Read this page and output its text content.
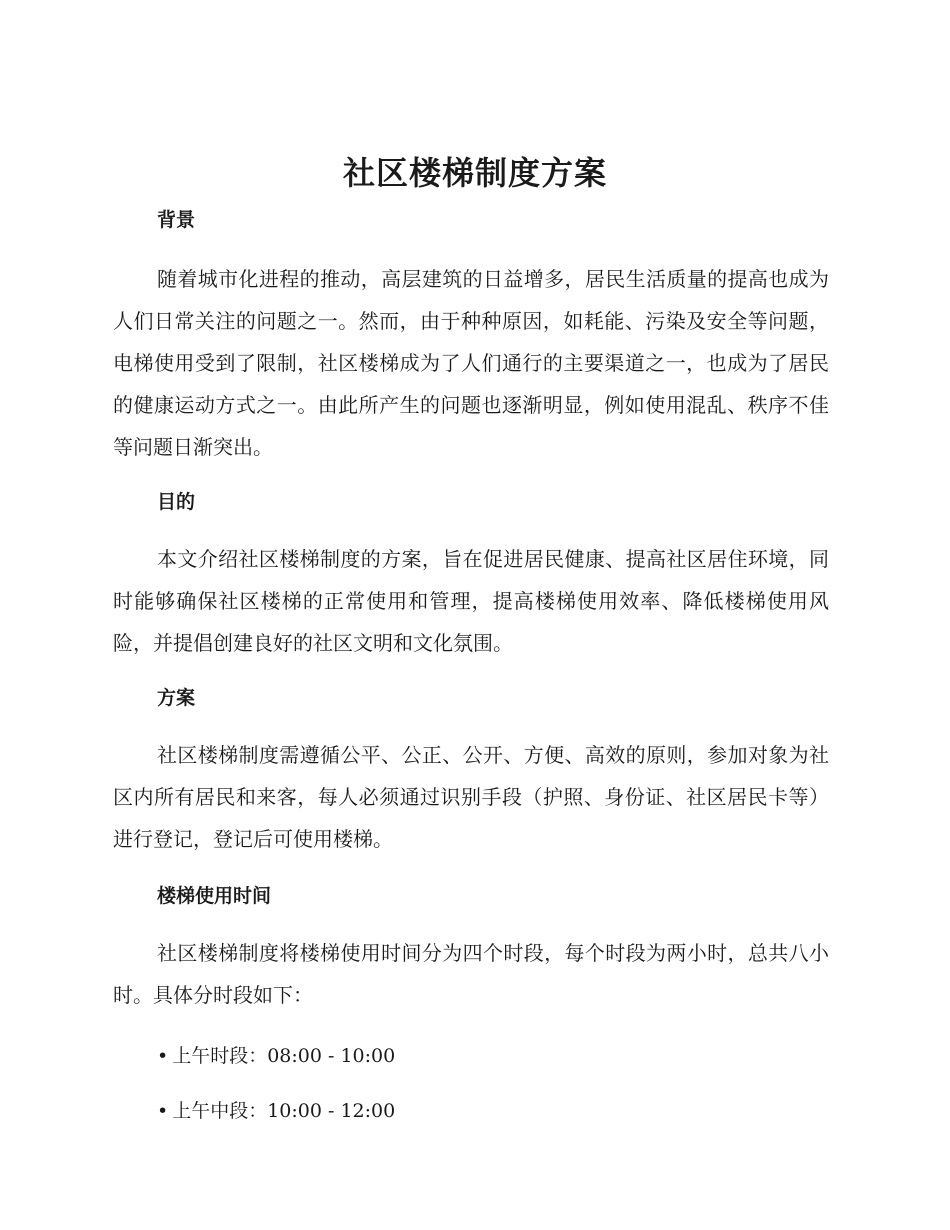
社区楼梯制度方案
背景

随着城市化进程的推动，高层建筑的日益增多，居民生活质量的提高也成为人们日常关注的问题之一。然而，由于种种原因，如耗能、污染及安全等问题，电梯使用受到了限制，社区楼梯成为了人们通行的主要渠道之一，也成为了居民的健康运动方式之一。由此所产生的问题也逐渐明显，例如使用混乱、秩序不佳等问题日渐突出。

目的

本文介绍社区楼梯制度的方案，旨在促进居民健康、提高社区居住环境，同时能够确保社区楼梯的正常使用和管理，提高楼梯使用效率、降低楼梯使用风险，并提倡创建良好的社区文明和文化氛围。

方案

社区楼梯制度需遵循公平、公正、公开、方便、高效的原则，参加对象为社区内所有居民和来客，每人必须通过识别手段（护照、身份证、社区居民卡等）进行登记，登记后可使用楼梯。

楼梯使用时间

社区楼梯制度将楼梯使用时间分为四个时段，每个时段为两小时，总共八小时。具体分时段如下：

• 上午时段：08:00 - 10:00
• 上午中段：10:00 - 12:00
